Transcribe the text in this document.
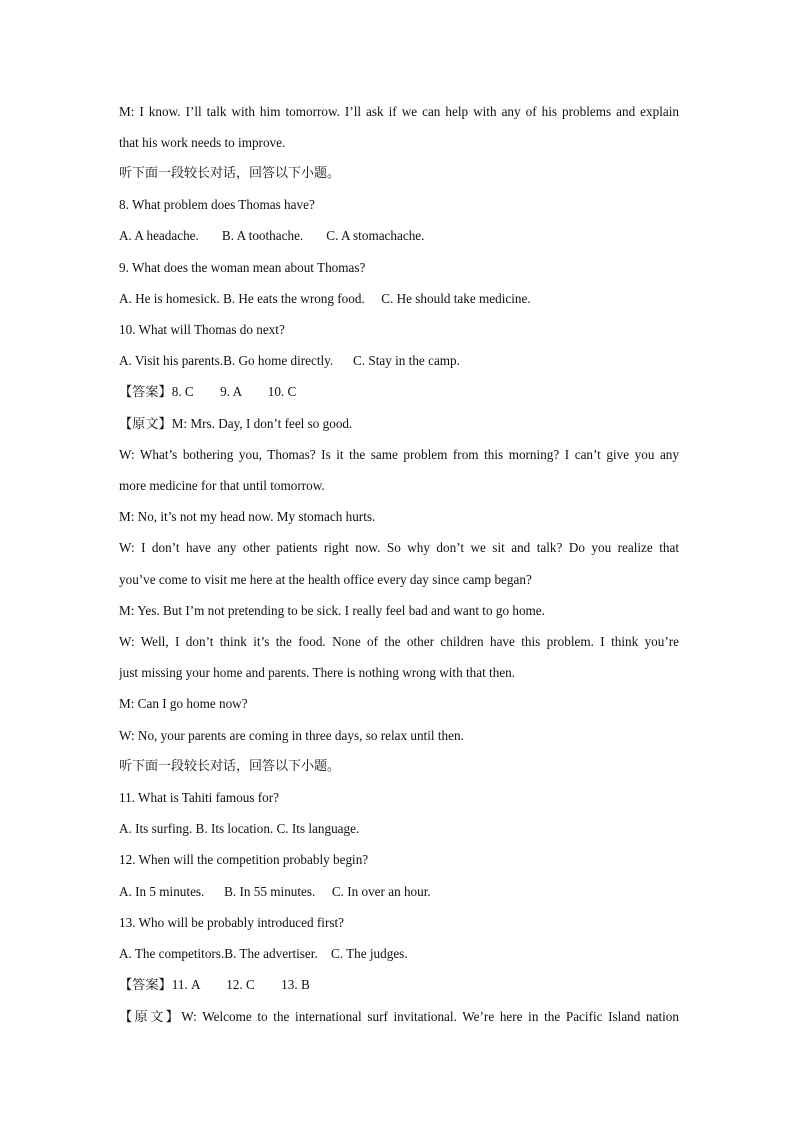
M: I know. I’ll talk with him tomorrow. I’ll ask if we can help with any of his problems and explain
that his work needs to improve.
听下面一段较长对话，回答以下小题。
8. What problem does Thomas have?
A. A headache.       B. A toothache.       C. A stomachache.
9. What does the woman mean about Thomas?
A. He is homesick. B. He eats the wrong food.     C. He should take medicine.
10. What will Thomas do next?
A. Visit his parents.B. Go home directly.      C. Stay in the camp.
【答案】8. C        9. A        10. C
【原文】M: Mrs. Day, I don’t feel so good.
W: What’s bothering you, Thomas? Is it the same problem from this morning? I can’t give you any
more medicine for that until tomorrow.
M: No, it’s not my head now. My stomach hurts.
W: I don’t have any other patients right now. So why don’t we sit and talk? Do you realize that
you’ve come to visit me here at the health office every day since camp began?
M: Yes. But I’m not pretending to be sick. I really feel bad and want to go home.
W: Well, I don’t think it’s the food. None of the other children have this problem. I think you’re
just missing your home and parents. There is nothing wrong with that then.
M: Can I go home now?
W: No, your parents are coming in three days, so relax until then.
听下面一段较长对话，回答以下小题。
11. What is Tahiti famous for?
A. Its surfing. B. Its location. C. Its language.
12. When will the competition probably begin?
A. In 5 minutes.      B. In 55 minutes.     C. In over an hour.
13. Who will be probably introduced first?
A. The competitors.B. The advertiser.    C. The judges.
【答案】11. A        12. C        13. B
【原文】W: Welcome to the international surf invitational. We’re here in the Pacific Island nation
